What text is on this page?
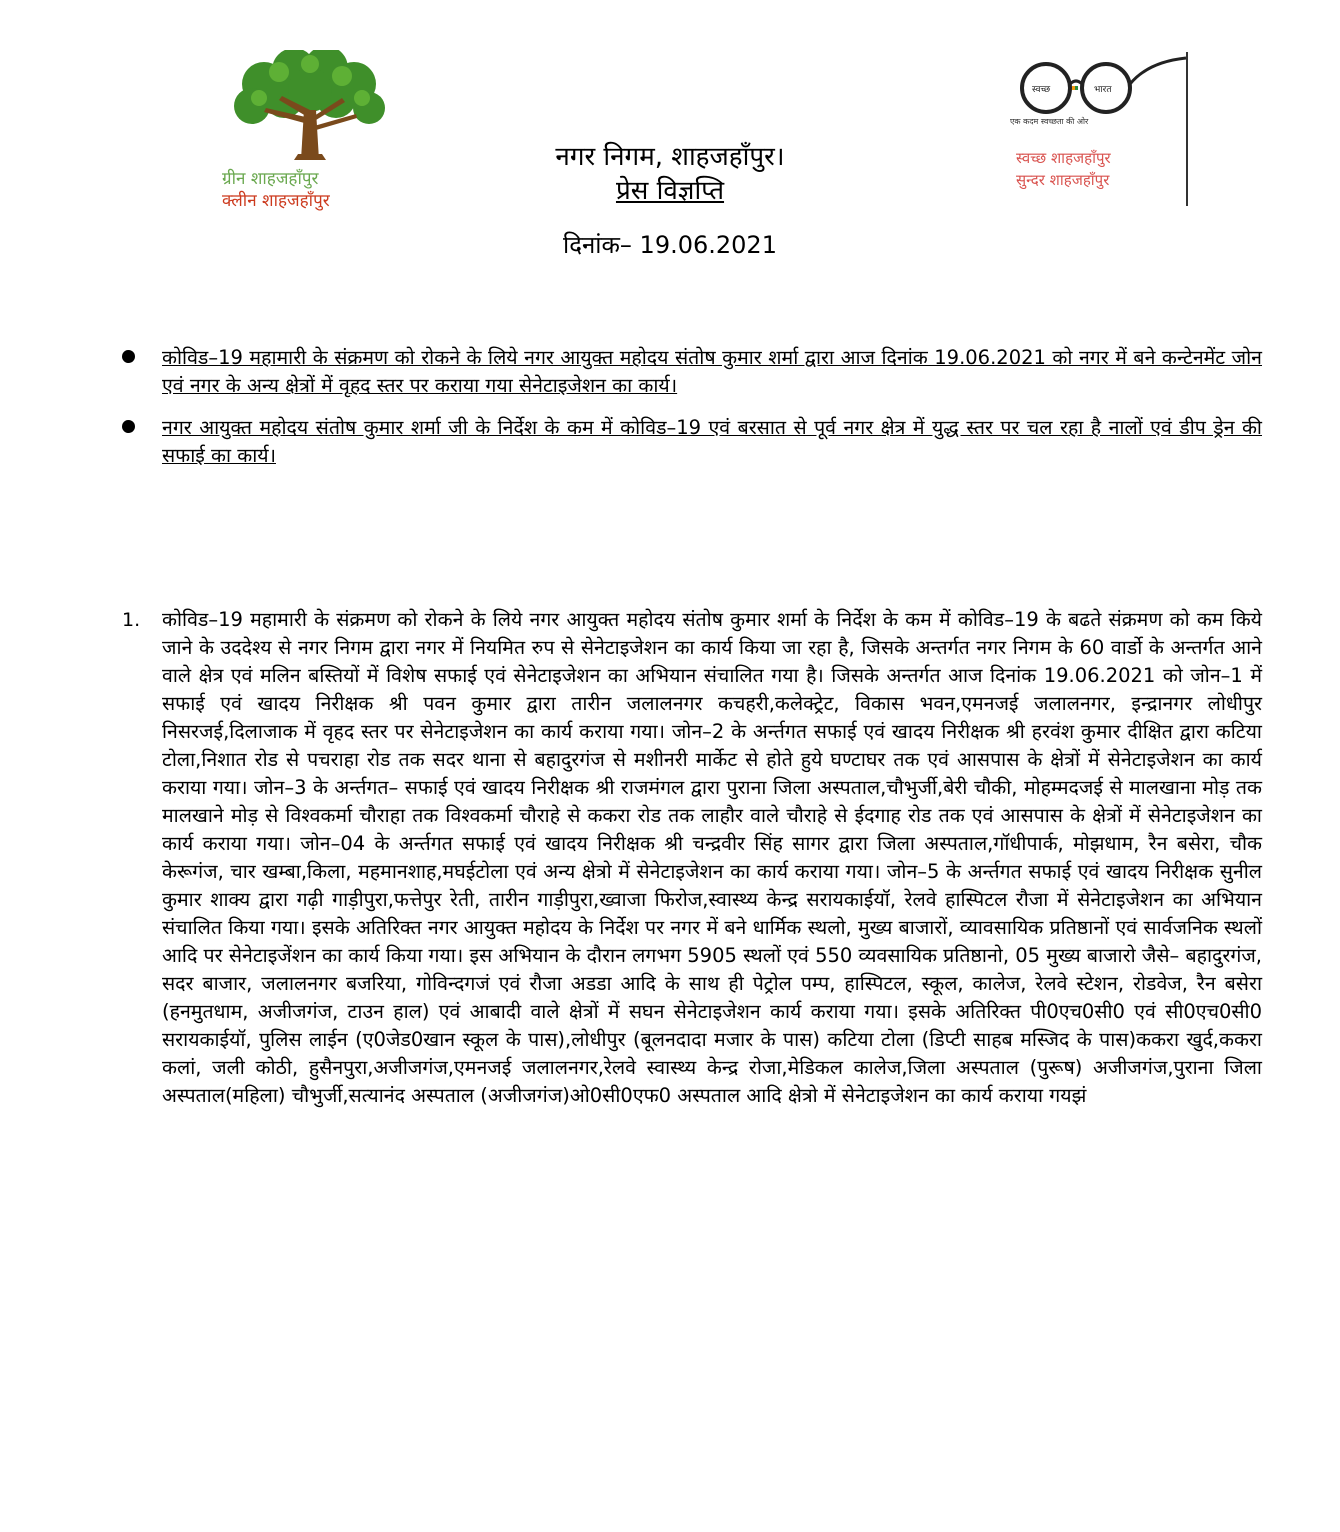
ग्रीन शाहजहाँपुर
क्लीन शाहजहाँपुर
स्वच्छ	भारत
एक कदम स्वच्छता की ओर
स्वच्छ शाहजहाँपुर
सुन्दर शाहजहाँपुर
नगर निगम, शाहजहाँपुर।
प्रेस विज्ञप्ति
दिनांक– 19.06.2021
कोविड–19 महामारी के संक्रमण को रोकने के लिये नगर आयुक्त महोदय संतोष कुमार शर्मा द्वारा आज दिनांक 19.06.2021 को नगर में बने कन्टेनमेंट जोन एवं नगर के अन्य क्षेत्रों में वृहद स्तर पर कराया गया सेनेटाइजेशन का कार्य।
नगर आयुक्त महोदय संतोष कुमार शर्मा जी के निर्देश के कम में कोविड–19 एवं बरसात से पूर्व नगर क्षेत्र में युद्ध स्तर पर चल रहा है नालों एवं डीप ड्रेन की सफाई का कार्य।
1. कोविड–19 महामारी के संक्रमण को रोकने के लिये नगर आयुक्त महोदय संतोष कुमार शर्मा के निर्देश के कम में कोविड–19 के बढते संक्रमण को कम किये जाने के उददेश्य से नगर निगम द्वारा नगर में नियमित रुप से सेनेटाइजेशन का कार्य किया जा रहा है, जिसके अन्तर्गत नगर निगम के 60 वार्डो के अन्तर्गत आने वाले क्षेत्र एवं मलिन बस्तियों में विशेष सफाई एवं सेनेटाइजेशन का अभियान संचालित गया है। जिसके अन्तर्गत आज दिनांक 19.06.2021 को जोन–1 में सफाई एवं खादय निरीक्षक श्री पवन कुमार द्वारा तारीन जलालनगर कचहरी,कलेक्ट्रेट, विकास भवन,एमनजई जलालनगर, इन्द्रानगर लोधीपुर निसरजई,दिलाजाक में वृहद स्तर पर सेनेटाइजेशन का कार्य कराया गया। जोन–2 के अर्न्तगत सफाई एवं खादय निरीक्षक श्री हरवंश कुमार दीक्षित द्वारा कटिया टोला,निशात रोड से पचराहा रोड तक सदर थाना से बहादुरगंज से मशीनरी मार्केट से होते हुये घण्टाघर तक एवं आसपास के क्षेत्रों में सेनेटाइजेशन का कार्य कराया गया। जोन–3 के अर्न्तगत– सफाई एवं खादय निरीक्षक श्री राजमंगल द्वारा पुराना जिला अस्पताल,चौभुर्जी,बेरी चौकी, मोहम्मदजई से मालखाना मोड़ तक मालखाने मोड़ से विश्वकर्मा चौराहा तक विश्वकर्मा चौराहे से ककरा रोड तक लाहौर वाले चौराहे से ईदगाह रोड तक एवं आसपास के क्षेत्रों में सेनेटाइजेशन का कार्य कराया गया। जोन–04 के अर्न्तगत सफाई एवं खादय निरीक्षक श्री चन्द्रवीर सिंह सागर द्वारा जिला अस्पताल,गॉधीपार्क, मोझधाम, रैन बसेरा, चौक केरूगंज, चार खम्बा,किला, महमानशाह,मघईटोला एवं अन्य क्षेत्रो में सेनेटाइजेशन का कार्य कराया गया। जोन–5 के अर्न्तगत सफाई एवं खादय निरीक्षक सुनील कुमार शाक्य द्वारा गढ़ी गाड़ीपुरा,फत्तेपुर रेती, तारीन गाड़ीपुरा,ख्वाजा फिरोज,स्वास्थ्य केन्द्र सरायकाईयॉ, रेलवे हास्पिटल रौजा में सेनेटाइजेशन का अभियान संचालित किया गया। इसके अतिरिक्त नगर आयुक्त महोदय के निर्देश पर नगर में बने धार्मिक स्थलो, मुख्य बाजारों, व्यावसायिक प्रतिष्ठानों एवं सार्वजनिक स्थलों आदि पर सेनेटाइजेंशन का कार्य किया गया। इस अभियान के दौरान लगभग 5905 स्थलों एवं 550 व्यवसायिक प्रतिष्ठानो, 05 मुख्य बाजारो जैसे– बहादुरगंज, सदर बाजार, जलालनगर बजरिया, गोविन्दगजं एवं रौजा अडडा आदि के साथ ही पेट्रोल पम्प, हास्पिटल, स्कूल, कालेज, रेलवे स्टेशन, रोडवेज, रैन बसेरा (हनमुतधाम, अजीजगंज, टाउन हाल) एवं आबादी वाले क्षेत्रों में सघन सेनेटाइजेशन कार्य कराया गया। इसके अतिरिक्त पी0एच0सी0 एवं सी0एच0सी0 सरायकाईयॉ, पुलिस लाईन (ए0जेड0खान स्कूल के पास),लोधीपुर (बूलनदादा मजार के पास) कटिया टोला (डिप्टी साहब मस्जिद के पास)ककरा खुर्द,ककरा कलां, जली कोठी, हुसैनपुरा,अजीजगंज,एमनजई जलालनगर,रेलवे स्वास्थ्य केन्द्र रोजा,मेडिकल कालेज,जिला अस्पताल (पुरूष) अजीजगंज,पुराना जिला अस्पताल(महिला) चौभुर्जी,सत्यानंद अस्पताल (अजीजगंज)ओ0सी0एफ0 अस्पताल आदि क्षेत्रो में सेनेटाइजेशन का कार्य कराया गयझं
